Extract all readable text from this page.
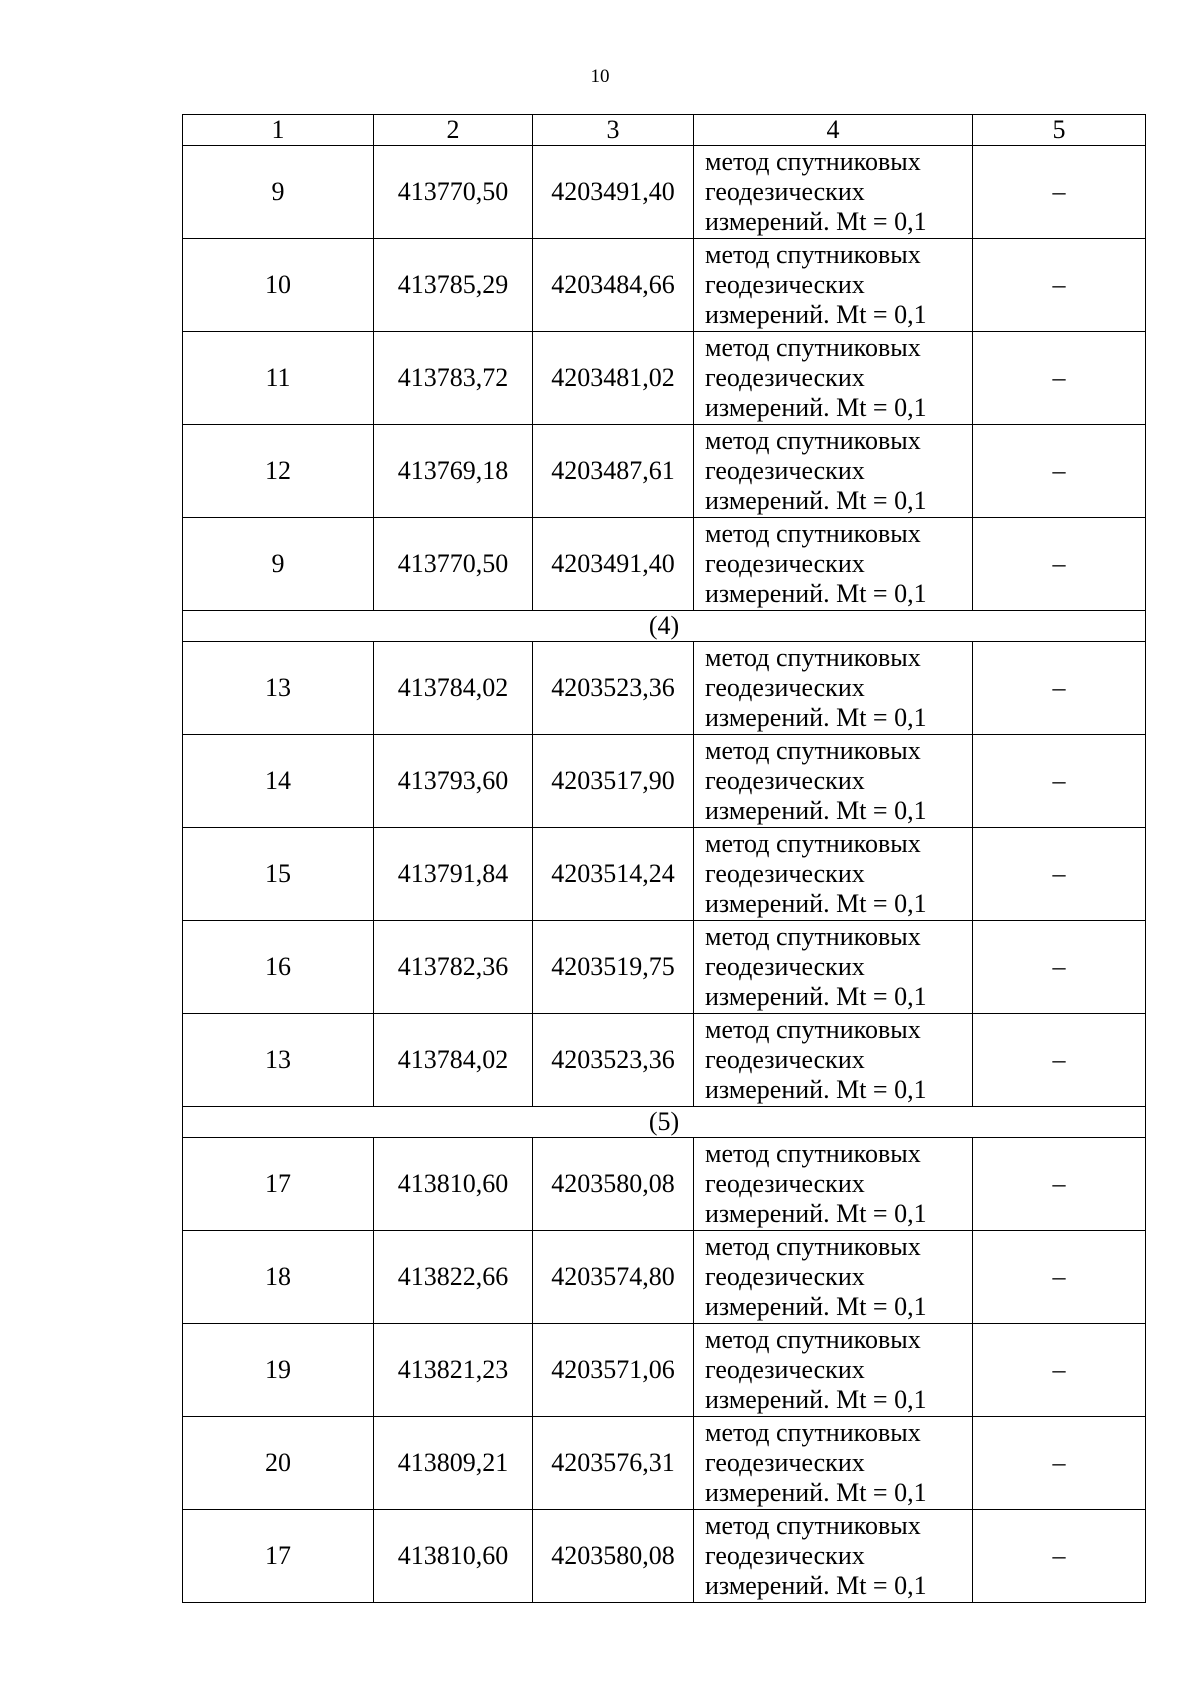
10
1	2	3	4	5
9	413770,50	4203491,40	метод спутниковых
геодезических
измерений. Mt = 0,1	–
10	413785,29	4203484,66	метод спутниковых
геодезических
измерений. Mt = 0,1	–
11	413783,72	4203481,02	метод спутниковых
геодезических
измерений. Mt = 0,1	–
12	413769,18	4203487,61	метод спутниковых
геодезических
измерений. Mt = 0,1	–
9	413770,50	4203491,40	метод спутниковых
геодезических
измерений. Mt = 0,1	–
(4)				
13	413784,02	4203523,36	метод спутниковых
геодезических
измерений. Mt = 0,1	–
14	413793,60	4203517,90	метод спутниковых
геодезических
измерений. Mt = 0,1	–
15	413791,84	4203514,24	метод спутниковых
геодезических
измерений. Mt = 0,1	–
16	413782,36	4203519,75	метод спутниковых
геодезических
измерений. Mt = 0,1	–
13	413784,02	4203523,36	метод спутниковых
геодезических
измерений. Mt = 0,1	–
(5)				
17	413810,60	4203580,08	метод спутниковых
геодезических
измерений. Mt = 0,1	–
18	413822,66	4203574,80	метод спутниковых
геодезических
измерений. Mt = 0,1	–
19	413821,23	4203571,06	метод спутниковых
геодезических
измерений. Mt = 0,1	–
20	413809,21	4203576,31	метод спутниковых
геодезических
измерений. Mt = 0,1	–
17	413810,60	4203580,08	метод спутниковых
геодезических
измерений. Mt = 0,1	–
